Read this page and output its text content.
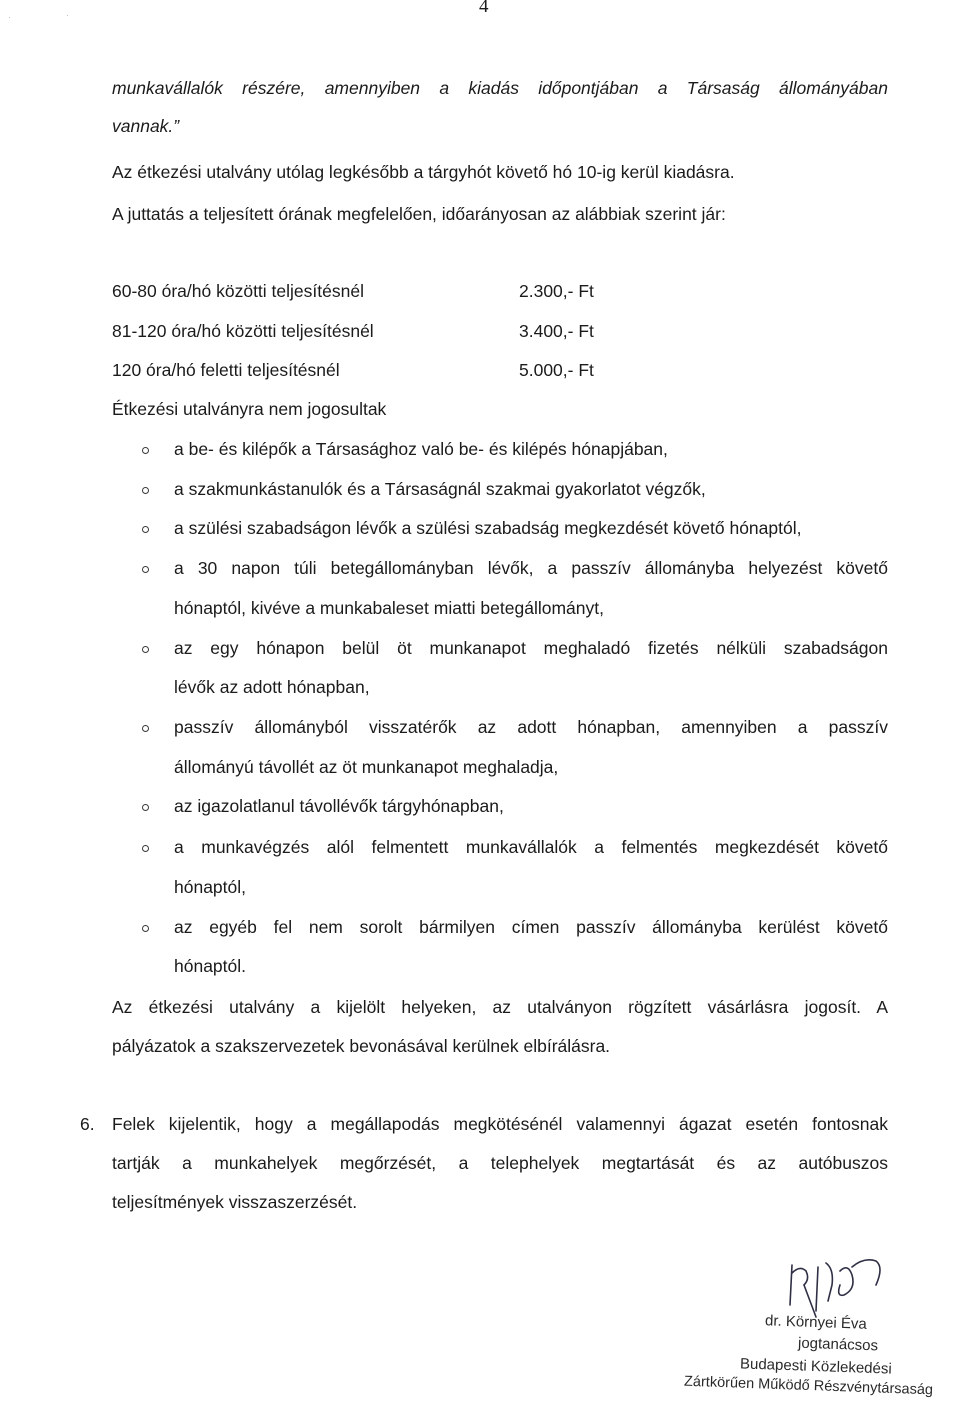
4
·	·
munkavállalók részére, amennyiben a kiadás időpontjában a Társaság állományában
vannak.”
Az étkezési utalvány utólag legkésőbb a tárgyhót követő hó 10-ig kerül kiadásra.
A juttatás a teljesített órának megfelelően, időarányosan az alábbiak szerint jár:
60-80 óra/hó közötti teljesítésnél	2.300,- Ft
81-120 óra/hó közötti teljesítésnél	3.400,- Ft
120 óra/hó feletti teljesítésnél	5.000,- Ft
Étkezési utalványra nem jogosultak
a be- és kilépők a Társasághoz való be- és kilépés hónapjában,
a szakmunkástanulók és a Társaságnál szakmai gyakorlatot végzők,
a szülési szabadságon lévők a szülési szabadság megkezdését követő hónaptól,
a 30 napon túli betegállományban lévők, a passzív állományba helyezést követő
hónaptól, kivéve a munkabaleset miatti betegállományt,
az egy hónapon belül öt munkanapot meghaladó fizetés nélküli szabadságon
lévők az adott hónapban,
passzív állományból visszatérők az adott hónapban, amennyiben a passzív
állományú távollét az öt munkanapot meghaladja,
az igazolatlanul távollévők tárgyhónapban,
a munkavégzés alól felmentett munkavállalók a felmentés megkezdését követő
hónaptól,
az egyéb fel nem sorolt bármilyen címen passzív állományba kerülést követő
hónaptól.
Az étkezési utalvány a kijelölt helyeken, az utalványon rögzített vásárlásra jogosít. A
pályázatok a szakszervezetek bevonásával kerülnek elbírálásra.
6. Felek kijelentik, hogy a megállapodás megkötésénél valamennyi ágazat esetén fontosnak
tartják a munkahelyek megőrzését, a telephelyek megtartását és az autóbuszos
teljesítmények visszaszerzését.
dr. Környei Éva
jogtanácsos
Budapesti Közlekedési
Zártkörűen Működő Részvénytársaság
